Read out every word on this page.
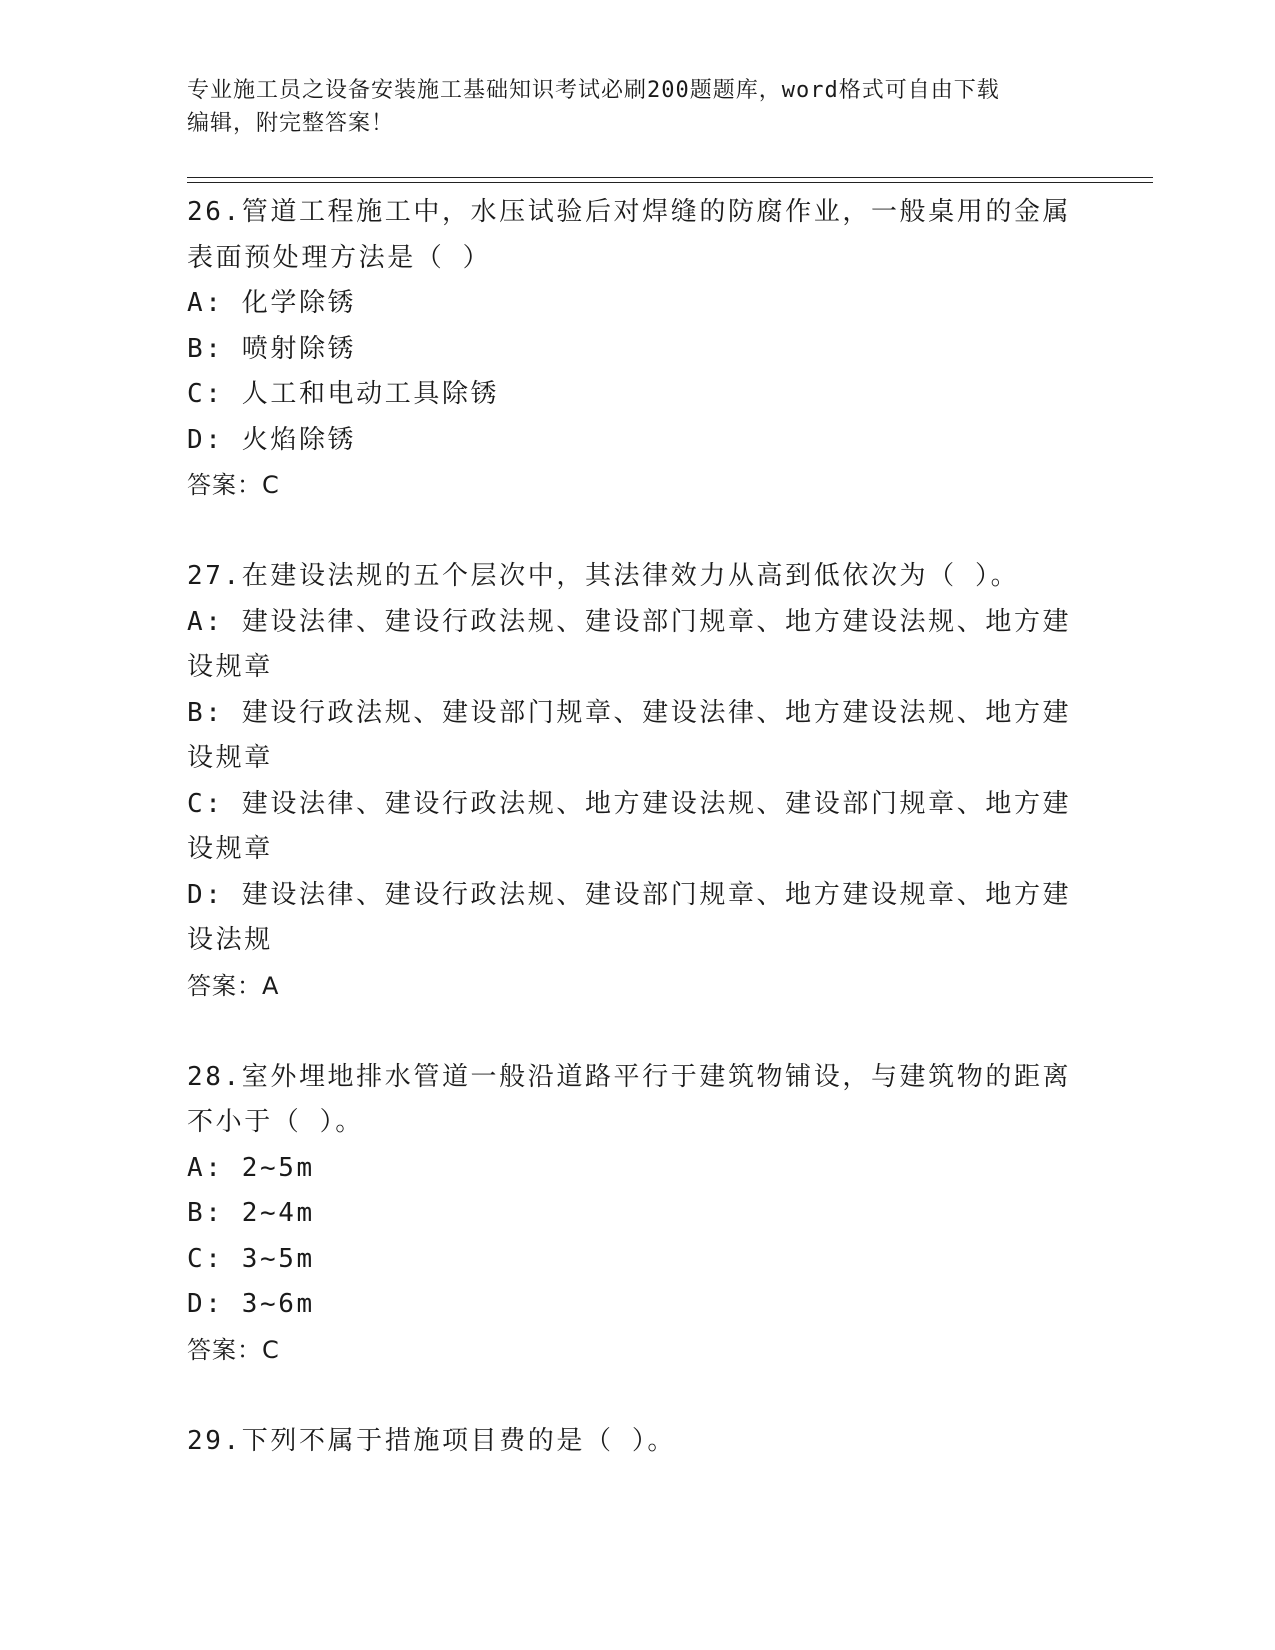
专业施工员之设备安装施工基础知识考试必刷200题题库，word格式可自由下载
编辑，附完整答案！
26.管道工程施工中，水压试验后对焊缝的防腐作业，一般桌用的金属
表面预处理方法是（ ）
A: 化学除锈
B: 喷射除锈
C: 人工和电动工具除锈
D: 火焰除锈
答案：C
27.在建设法规的五个层次中，其法律效力从高到低依次为（ ）。
A: 建设法律、建设行政法规、建设部门规章、地方建设法规、地方建
设规章
B: 建设行政法规、建设部门规章、建设法律、地方建设法规、地方建
设规章
C: 建设法律、建设行政法规、地方建设法规、建设部门规章、地方建
设规章
D: 建设法律、建设行政法规、建设部门规章、地方建设规章、地方建
设法规
答案：A
28.室外埋地排水管道一般沿道路平行于建筑物铺设，与建筑物的距离
不小于（ ）。
A: 2~5m
B: 2~4m
C: 3~5m
D: 3~6m
答案：C
29.下列不属于措施项目费的是（ ）。
